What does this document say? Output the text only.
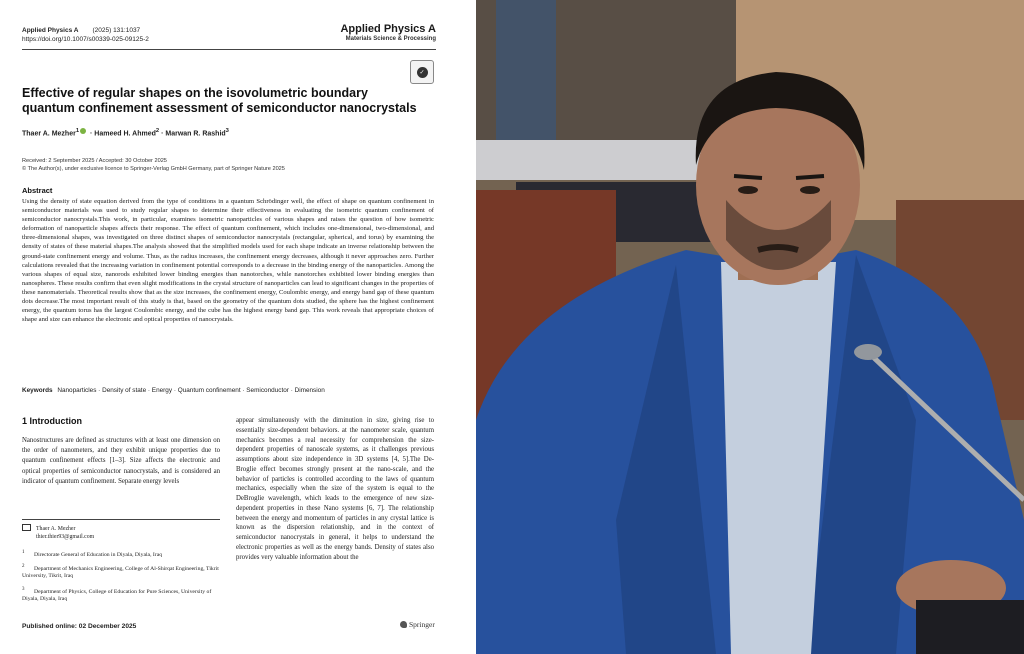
Applied Physics A (2025) 131:1037
https://doi.org/10.1007/s00339-025-09125-2
Applied Physics A
Materials Science & Processing
✓
Effective of regular shapes on the isovolumetric boundary quantum confinement assessment of semiconductor nanocrystals
Thaer A. Mezher$^1$ · Hameed H. Ahmed$^2$ · Marwan R. Rashid$^3$
Received: 2 September 2025 / Accepted: 30 October 2025
© The Author(s), under exclusive licence to Springer-Verlag GmbH Germany, part of Springer Nature 2025
Abstract
Using the density of state equation derived from the type of conditions in a quantum Schrödinger well, the effect of shape on quantum confinement in semiconductor materials was used to study regular shapes to determine their effectiveness in evaluating the isometric quantum confinement of semiconductor nanocrystals.This work, in particular, examines isometric nanoparticles of various shapes and raises the question of how isometric deformation of nanoparticle shapes affects their response. The effect of quantum confinement, which includes one-dimensional, two-dimensional, and three-dimensional shapes, was investigated on three distinct shapes of semiconductor nanocrystals (rectangular, spherical, and torus) by examining the density of states of these material shapes.The analysis showed that the simplified models used for each shape indicate an inverse relationship between the ground-state confinement energy and volume. Thus, as the radius increases, the confinement energy decreases, although it never approaches zero. Further calculations revealed that the increasing variation in confinement potential corresponds to a decrease in the binding energy of the nanoparticles. Among the various shapes of equal size, nanorods exhibited lower binding energies than nanotorches, while nanotorches exhibited lower binding energies than nanospheres. These results confirm that even slight modifications in the crystal structure of nanoparticles can lead to significant changes in the properties of these nanomaterials. Theoretical results show that as the size increases, the confinement energy, Coulombic energy, and energy band gap of these quantum dots decrease.The most important result of this study is that, based on the geometry of the quantum dots studied, the sphere has the highest confinement energy, the quantum torus has the largest Coulombic energy, and the cube has the highest energy band gap. This work reveals that appropriate choices of shape and size can enhance the electronic and optical properties of nanocrystals.
Keywords Nanoparticles · Density of state · Energy · Quantum confinement · Semiconductor · Dimension
1 Introduction
Nanostructures are defined as structures with at least one dimension on the order of nanometers, and they exhibit unique properties due to quantum confinement effects [1–3]. Size affects the electronic and optical properties of semiconductor nanocrystals, and is considered an indicator of quantum confinement. Separate energy levels
appear simultaneously with the diminution in size, giving rise to essentially size-dependent behaviors. at the nanometer scale, quantum mechanics becomes a real necessity for comprehension the size-dependent properties of nanoscale systems, as it challenges previous assumptions about size independence in 3D systems [4, 5].The De-Broglie effect becomes strongly present at the nano-scale, and the behavior of particles is controlled according to the laws of quantum mechanics, especially when the size of the system is equal to the DeBroglie wavelength, which leads to the emergence of new size-dependent properties in these Nano systems [6, 7]. The relationship between the energy and momentum of particles in any crystal lattice is known as the dispersion relationship, and in the context of semiconductor nanocrystals in general, it helps to understand the electronic properties as well as the energy bands. Density of states also provides very valuable information about the
Thaer A. Mezher
thier.thier93@gmail.com
$^1$ Directorate General of Education in Diyala, Diyala, Iraq
$^2$ Department of Mechanics Engineering, College of Al-Shirqat Engineering, Tikrit University, Tikrit, Iraq
$^3$ Department of Physics, College of Education for Pure Sciences, University of Diyala, Diyala, Iraq
Published online: 02 December 2025	Springer
